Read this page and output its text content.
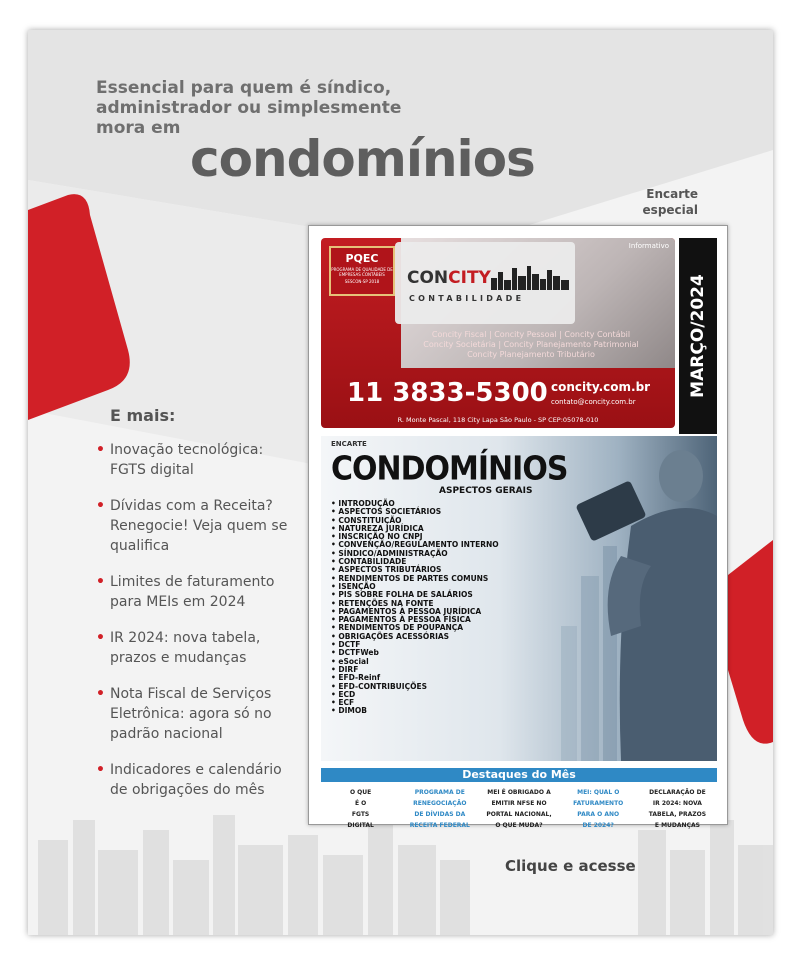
Essencial para quem é síndico,
administrador ou simplesmente
mora em
condomínios
Encarte
especial
E mais:
• Inovação tecnológica: FGTS digital
• Dívidas com a Receita? Renegocie! Veja quem se qualifica
• Limites de faturamento para MEIs em 2024
• IR 2024: nova tabela, prazos e mudanças
• Nota Fiscal de Serviços Eletrônica: agora só no padrão nacional
• Indicadores e calendário de obrigações do mês
Informativo
PQEC
PROGRAMA DE QUALIDADE DE EMPRESAS CONTÁBEIS
SESCON-SP 2018	CONCITY
CONTABILIDADE
Concity Fiscal | Concity Pessoal | Concity Contábil
Concity Societária | Concity Planejamento Patrimonial
Concity Planejamento Tributário
11 3833-5300 concity.com.br
contato@concity.com.br
R. Monte Pascal, 118 City Lapa São Paulo - SP CEP:05078-010
MARÇO/2024
ENCARTE
CONDOMÍNIOS
ASPECTOS GERAIS
• INTRODUÇÃO
• ASPECTOS SOCIETÁRIOS
• CONSTITUIÇÃO
• NATUREZA JURÍDICA
• INSCRIÇÃO NO CNPJ
• CONVENÇÃO/REGULAMENTO INTERNO
• SÍNDICO/ADMINISTRAÇÃO
• CONTABILIDADE
• ASPECTOS TRIBUTÁRIOS
• RENDIMENTOS DE PARTES COMUNS
• ISENÇÃO
• PIS SOBRE FOLHA DE SALÁRIOS
• RETENÇÕES NA FONTE
• PAGAMENTOS À PESSOA JURÍDICA
• PAGAMENTOS À PESSOA FÍSICA
• RENDIMENTOS DE POUPANÇA
• OBRIGAÇÕES ACESSÓRIAS
• DCTF
• DCTFWeb
• eSocial
• DIRF
• EFD-Reinf
• EFD-CONTRIBUIÇÕES
• ECD
• ECF
• DIMOB
Destaques do Mês
O QUE
É O
FGTS
DIGITAL
PROGRAMA DE
RENEGOCIAÇÃO
DE DÍVIDAS DA
RECEITA FEDERAL
MEI É OBRIGADO A
EMITIR NFSE NO
PORTAL NACIONAL,
O QUE MUDA?
MEI: QUAL O
FATURAMENTO
PARA O ANO
DE 2024?
DECLARAÇÃO DE
IR 2024: NOVA
TABELA, PRAZOS
E MUDANÇAS
Clique e acesse
